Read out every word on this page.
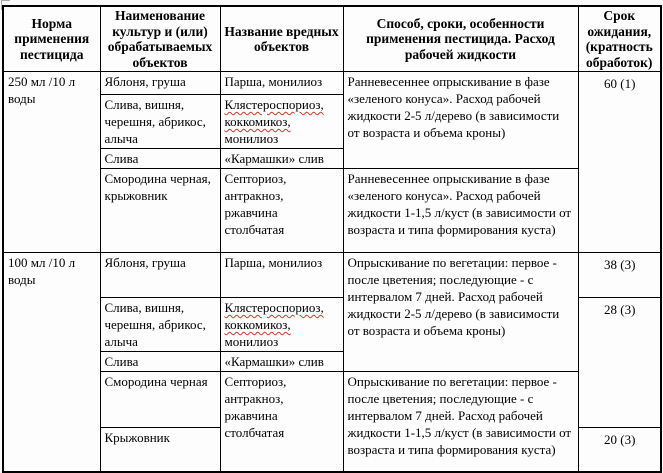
Норма применения пестицида	Наименование культур и (или) обрабатываемых объектов	Название вредных объектов	Способ, сроки, особенности применения пестицида. Расход рабочей жидкости	Срок ожидания, (кратность обработок)
250 мл /10 л воды	Яблоня, груша	Парша, монилиоз	Ранневесеннее опрыскивание в фазе «зеленого конуса». Расход рабочей жидкости 2-5 л/дерево (в зависимости от возраста и объема кроны)	60 (1)
	Слива, вишня, черешня, абрикос, алыча	Клястероспориоз, коккомикоз, монилиоз		
	Слива	«Кармашки» слив		
	Смородина черная, крыжовник	Септориоз, антракноз, ржавчина столбчатая	Ранневесеннее опрыскивание в фазе «зеленого конуса». Расход рабочей жидкости 1-1,5 л/куст (в зависимости от возраста и типа формирования куста)	
100 мл /10 л воды	Яблоня, груша	Парша, монилиоз	Опрыскивание по вегетации: первое - после цветения; последующие - с интервалом 7 дней. Расход рабочей жидкости 2-5 л/дерево (в зависимости от возраста и объема кроны)	38 (3)
	Слива, вишня, черешня, абрикос, алыча	Клястероспориоз, коккомикоз, монилиоз		28 (3)
	Слива	«Кармашки» слив		
	Смородина черная	Септориоз, антракноз, ржавчина столбчатая	Опрыскивание по вегетации: первое - после цветения; последующие - с интервалом 7 дней. Расход рабочей жидкости 1-1,5 л/куст (в зависимости от возраста и типа формирования куста)	
	Крыжовник			20 (3)
